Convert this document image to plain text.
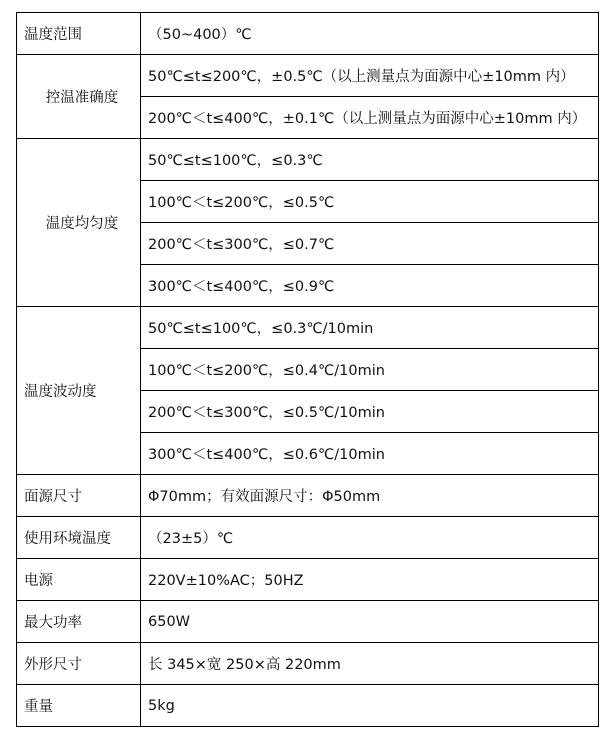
温度范围	（50~400）℃
控温准确度	50℃≤t≤200℃，±0.5℃（以上测量点为面源中心±10mm 内）
	200℃＜t≤400℃，±0.1℃（以上测量点为面源中心±10mm 内）
温度均匀度	50℃≤t≤100℃，≤0.3℃
	100℃＜t≤200℃，≤0.5℃
	200℃＜t≤300℃，≤0.7℃
	300℃＜t≤400℃，≤0.9℃
温度波动度	50℃≤t≤100℃，≤0.3℃/10min
	100℃＜t≤200℃，≤0.4℃/10min
	200℃＜t≤300℃，≤0.5℃/10min
	300℃＜t≤400℃，≤0.6℃/10min
面源尺寸	Φ70mm；有效面源尺寸：Φ50mm
使用环境温度	（23±5）℃
电源	220V±10%AC；50HZ
最大功率	650W
外形尺寸	长 345×宽 250×高 220mm
重量	5kg
